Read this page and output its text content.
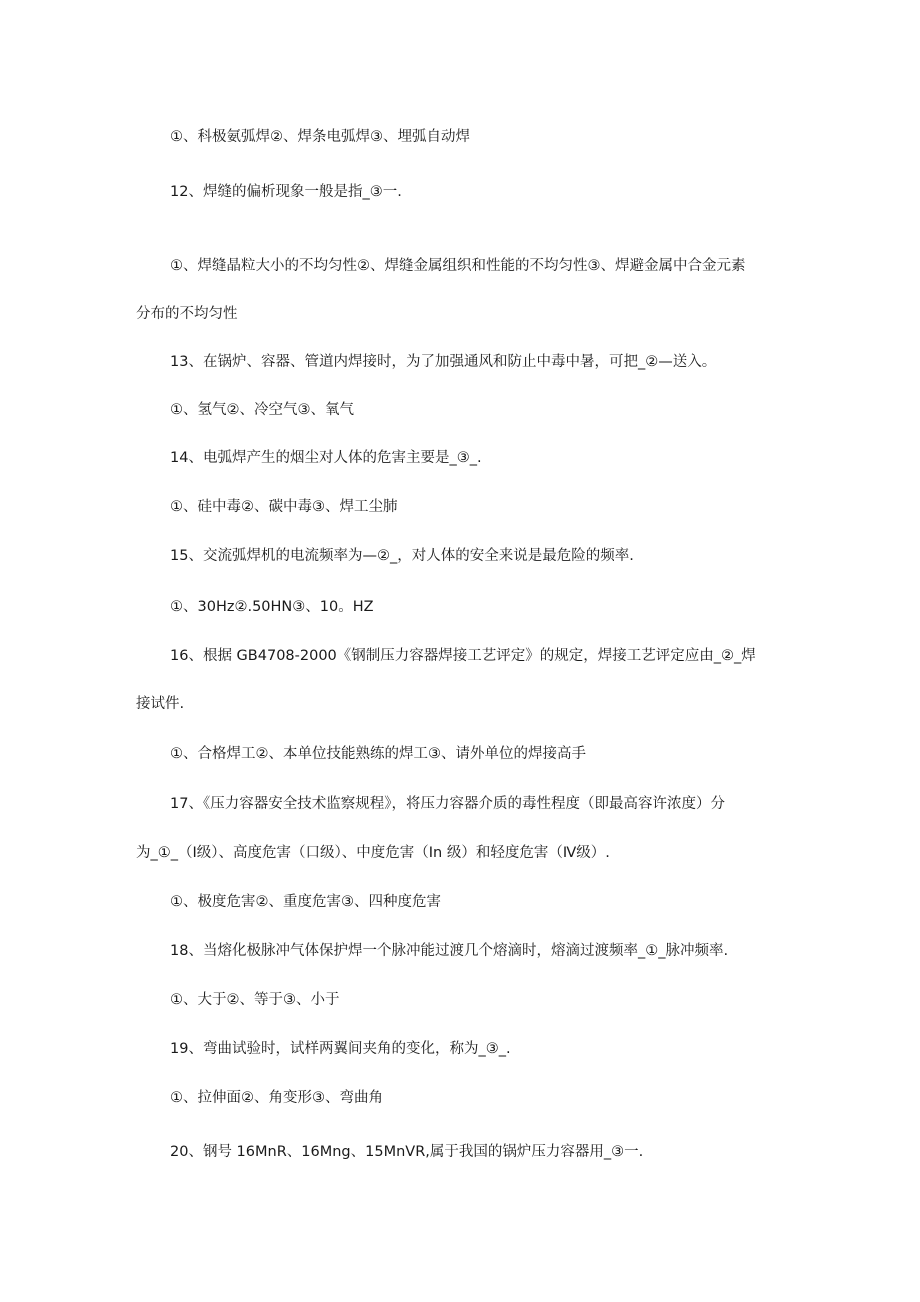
①、科极氨弧焊②、焊条电弧焊③、埋弧自动焊
12、焊缝的偏析现象一般是指_③一.
①、焊缝晶粒大小的不均匀性②、焊缝金属组织和性能的不均匀性③、焊避金属中合金元素
分布的不均匀性
13、在锅炉、容器、管道内焊接时，为了加强通风和防止中毒中暑，可把_②—送入。
①、氢气②、冷空气③、氧气
14、电弧焊产生的烟尘对人体的危害主要是_③_.
①、硅中毒②、碳中毒③、焊工尘肺
15、交流弧焊机的电流频率为—②_，对人体的安全来说是最危险的频率.
①、30Hz②.50HN③、10。HZ
16、根据 GB4708-2000《钢制压力容器焊接工艺评定》的规定，焊接工艺评定应由_②_焊
接试件.
①、合格焊工②、本单位技能熟练的焊工③、请外单位的焊接高手
17、《压力容器安全技术监察规程》，将压力容器介质的毒性程度（即最高容许浓度）分
为_①_（Ⅰ级）、高度危害（口级）、中度危害（In 级）和轻度危害（Ⅳ级）.
①、极度危害②、重度危害③、四种度危害
18、当熔化极脉冲气体保护焊一个脉冲能过渡几个熔滴时，熔滴过渡频率_①_脉冲频率.
①、大于②、等于③、小于
19、弯曲试验时，试样两翼间夹角的变化，称为_③_.
①、拉伸面②、角变形③、弯曲角
20、钢号 16MnR、16Mng、15MnVR,属于我国的锅炉压力容器用_③一.
